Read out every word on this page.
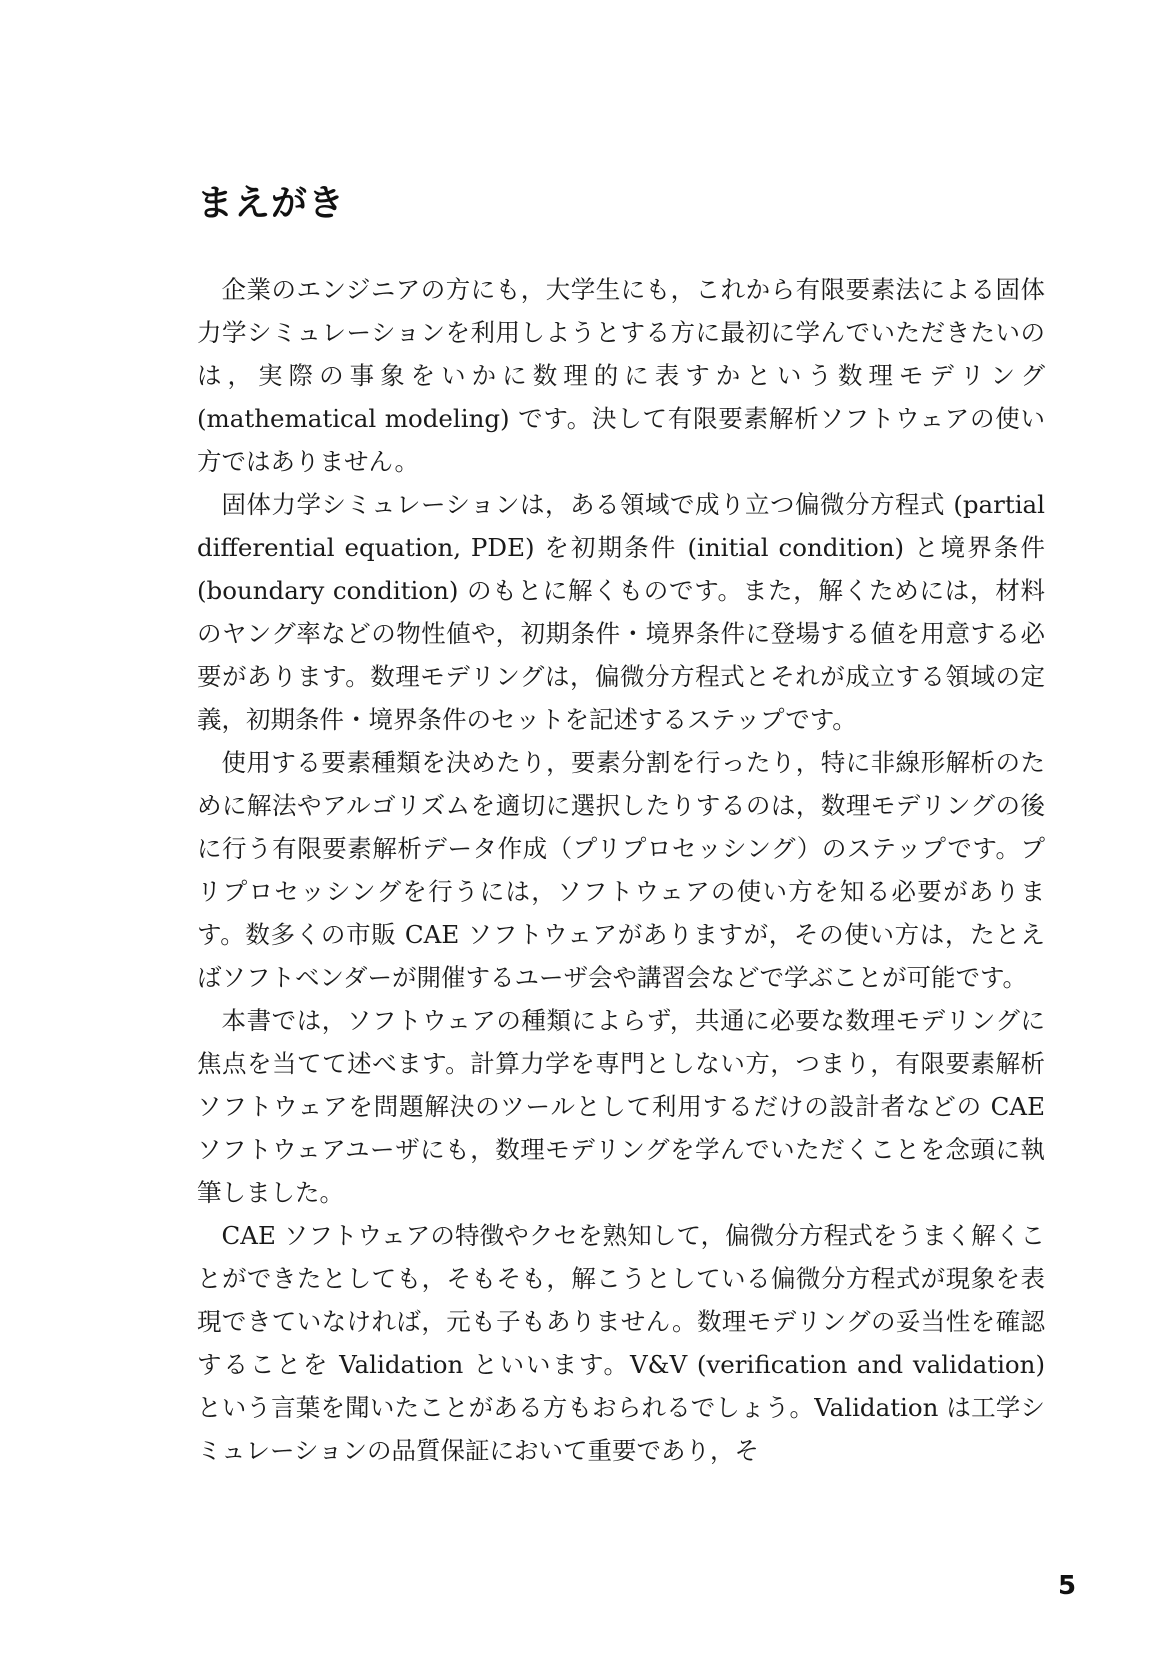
まえがき

企業のエンジニアの方にも，大学生にも，これから有限要素法による固体力学シミュレーションを利用しようとする方に最初に学んでいただきたいのは，実際の事象をいかに数理的に表すかという数理モデリング (mathematical modeling) です。決して有限要素解析ソフトウェアの使い方ではありません。

固体力学シミュレーションは，ある領域で成り立つ偏微分方程式 (partial differential equation, PDE) を初期条件 (initial condition) と境界条件 (boundary condition) のもとに解くものです。また，解くためには，材料のヤング率などの物性値や，初期条件・境界条件に登場する値を用意する必要があります。数理モデリングは，偏微分方程式とそれが成立する領域の定義，初期条件・境界条件のセットを記述するステップです。

使用する要素種類を決めたり，要素分割を行ったり，特に非線形解析のために解法やアルゴリズムを適切に選択したりするのは，数理モデリングの後に行う有限要素解析データ作成（プリプロセッシング）のステップです。プリプロセッシングを行うには，ソフトウェアの使い方を知る必要があります。数多くの市販 CAE ソフトウェアがありますが，その使い方は，たとえばソフトベンダーが開催するユーザ会や講習会などで学ぶことが可能です。

本書では，ソフトウェアの種類によらず，共通に必要な数理モデリングに焦点を当てて述べます。計算力学を専門としない方，つまり，有限要素解析ソフトウェアを問題解決のツールとして利用するだけの設計者などの CAE ソフトウェアユーザにも，数理モデリングを学んでいただくことを念頭に執筆しました。

CAE ソフトウェアの特徴やクセを熟知して，偏微分方程式をうまく解くことができたとしても，そもそも，解こうとしている偏微分方程式が現象を表現できていなければ，元も子もありません。数理モデリングの妥当性を確認することを Validation といいます。V&V (verification and validation) という言葉を聞いたことがある方もおられるでしょう。Validation は工学シミュレーションの品質保証において重要であり，そ

5
